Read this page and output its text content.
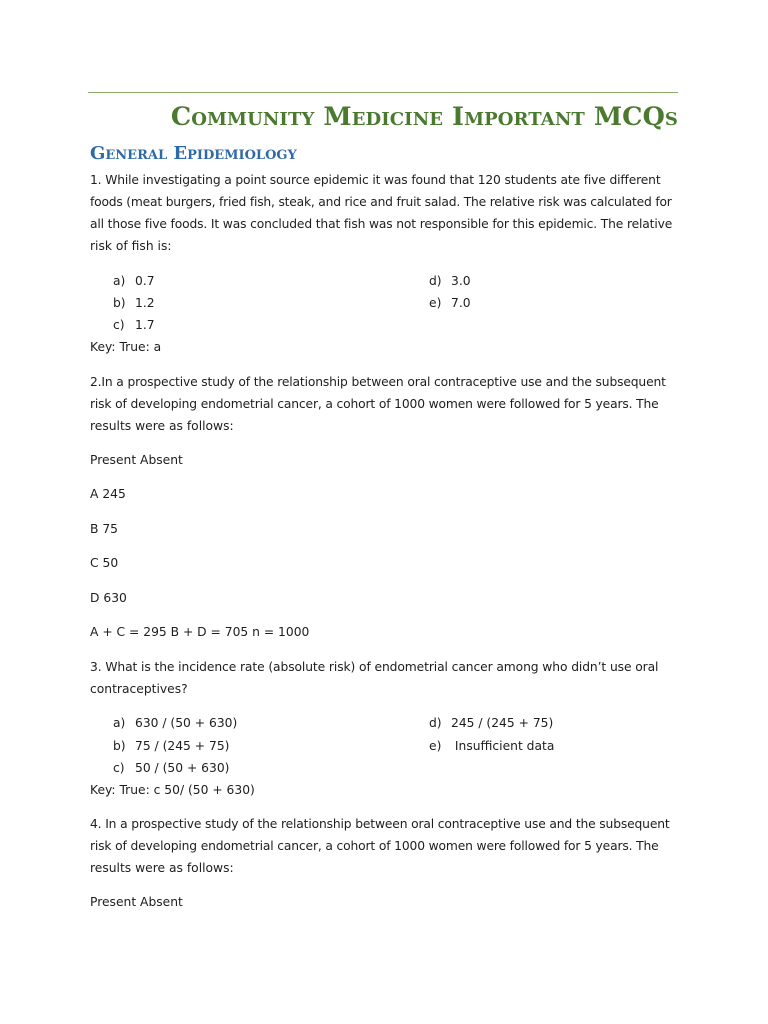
Community Medicine Important MCQs
General Epidemiology
1. While investigating a point source epidemic it was found that 120 students ate five different
foods (meat burgers, fried fish, steak, and rice and fruit salad. The relative risk was calculated for
all those five foods. It was concluded that fish was not responsible for this epidemic. The relative
risk of fish is:
a) 0.7
b) 1.2
c) 1.7
d) 3.0
e) 7.0
Key: True: a
2.In a prospective study of the relationship between oral contraceptive use and the subsequent
risk of developing endometrial cancer, a cohort of 1000 women were followed for 5 years. The
results were as follows:
Present Absent
A 245
B 75
C 50
D 630
A + C = 295 B + D = 705 n = 1000
3. What is the incidence rate (absolute risk) of endometrial cancer among who didn’t use oral
contraceptives?
a) 630 / (50 + 630)
b) 75 / (245 + 75)
c) 50 / (50 + 630)
d) 245 / (245 + 75)
e) Insufficient data
Key: True: c 50/ (50 + 630)
4. In a prospective study of the relationship between oral contraceptive use and the subsequent
risk of developing endometrial cancer, a cohort of 1000 women were followed for 5 years. The
results were as follows:
Present Absent
